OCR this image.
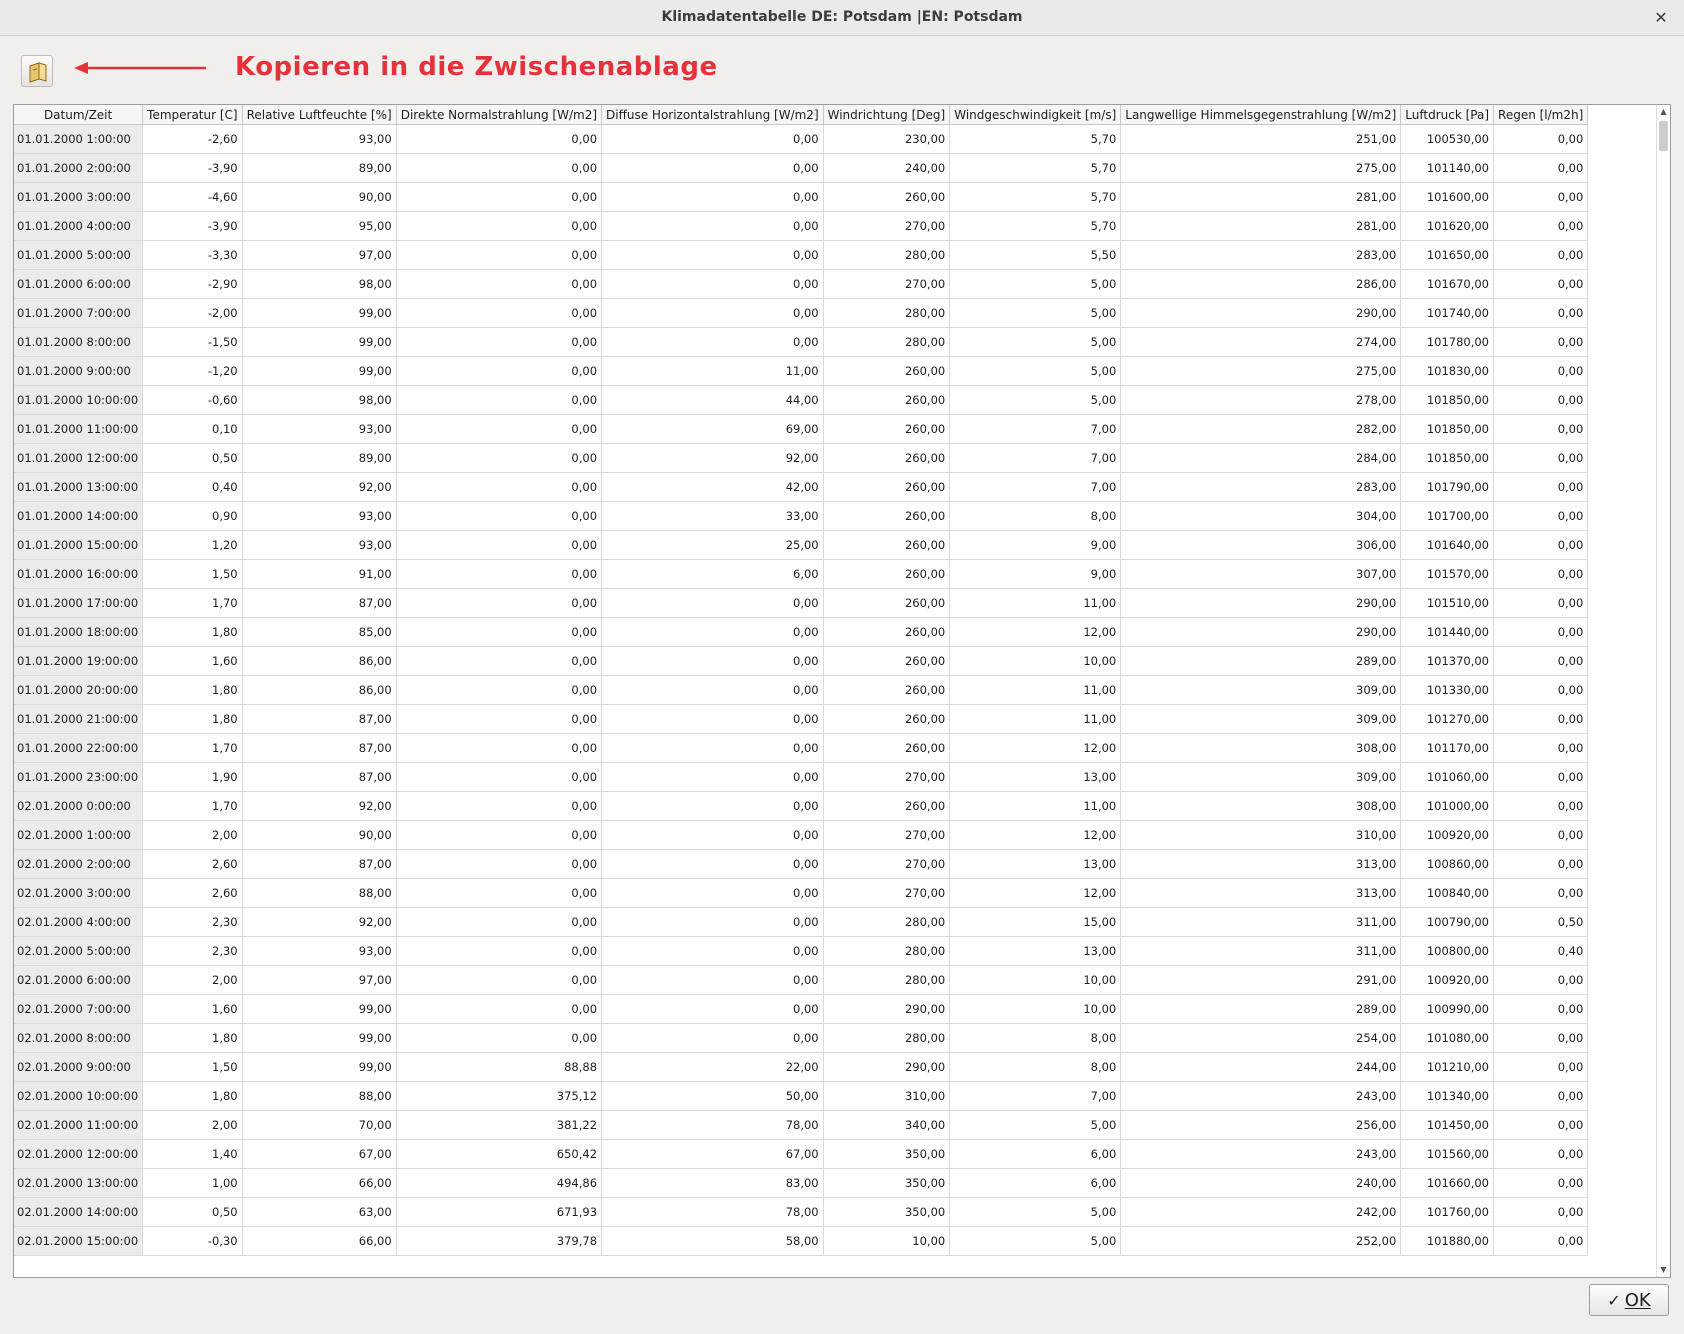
Klimadatentabelle DE: Potsdam |EN: Potsdam	✕
Kopieren in die Zwischenablage
Datum/Zeit	Temperatur [C]	Relative Luftfeuchte [%]	Direkte Normalstrahlung [W/m2]	Diffuse Horizontalstrahlung [W/m2]	Windrichtung [Deg]	Windgeschwindigkeit [m/s]	Langwellige Himmelsgegenstrahlung [W/m2]	Luftdruck [Pa]	Regen [l/m2h]
01.01.2000 1:00:00	-2,60	93,00	0,00	0,00	230,00	5,70	251,00	100530,00	0,00
01.01.2000 2:00:00	-3,90	89,00	0,00	0,00	240,00	5,70	275,00	101140,00	0,00
01.01.2000 3:00:00	-4,60	90,00	0,00	0,00	260,00	5,70	281,00	101600,00	0,00
01.01.2000 4:00:00	-3,90	95,00	0,00	0,00	270,00	5,70	281,00	101620,00	0,00
01.01.2000 5:00:00	-3,30	97,00	0,00	0,00	280,00	5,50	283,00	101650,00	0,00
01.01.2000 6:00:00	-2,90	98,00	0,00	0,00	270,00	5,00	286,00	101670,00	0,00
01.01.2000 7:00:00	-2,00	99,00	0,00	0,00	280,00	5,00	290,00	101740,00	0,00
01.01.2000 8:00:00	-1,50	99,00	0,00	0,00	280,00	5,00	274,00	101780,00	0,00
01.01.2000 9:00:00	-1,20	99,00	0,00	11,00	260,00	5,00	275,00	101830,00	0,00
01.01.2000 10:00:00	-0,60	98,00	0,00	44,00	260,00	5,00	278,00	101850,00	0,00
01.01.2000 11:00:00	0,10	93,00	0,00	69,00	260,00	7,00	282,00	101850,00	0,00
01.01.2000 12:00:00	0,50	89,00	0,00	92,00	260,00	7,00	284,00	101850,00	0,00
01.01.2000 13:00:00	0,40	92,00	0,00	42,00	260,00	7,00	283,00	101790,00	0,00
01.01.2000 14:00:00	0,90	93,00	0,00	33,00	260,00	8,00	304,00	101700,00	0,00
01.01.2000 15:00:00	1,20	93,00	0,00	25,00	260,00	9,00	306,00	101640,00	0,00
01.01.2000 16:00:00	1,50	91,00	0,00	6,00	260,00	9,00	307,00	101570,00	0,00
01.01.2000 17:00:00	1,70	87,00	0,00	0,00	260,00	11,00	290,00	101510,00	0,00
01.01.2000 18:00:00	1,80	85,00	0,00	0,00	260,00	12,00	290,00	101440,00	0,00
01.01.2000 19:00:00	1,60	86,00	0,00	0,00	260,00	10,00	289,00	101370,00	0,00
01.01.2000 20:00:00	1,80	86,00	0,00	0,00	260,00	11,00	309,00	101330,00	0,00
01.01.2000 21:00:00	1,80	87,00	0,00	0,00	260,00	11,00	309,00	101270,00	0,00
01.01.2000 22:00:00	1,70	87,00	0,00	0,00	260,00	12,00	308,00	101170,00	0,00
01.01.2000 23:00:00	1,90	87,00	0,00	0,00	270,00	13,00	309,00	101060,00	0,00
02.01.2000 0:00:00	1,70	92,00	0,00	0,00	260,00	11,00	308,00	101000,00	0,00
02.01.2000 1:00:00	2,00	90,00	0,00	0,00	270,00	12,00	310,00	100920,00	0,00
02.01.2000 2:00:00	2,60	87,00	0,00	0,00	270,00	13,00	313,00	100860,00	0,00
02.01.2000 3:00:00	2,60	88,00	0,00	0,00	270,00	12,00	313,00	100840,00	0,00
02.01.2000 4:00:00	2,30	92,00	0,00	0,00	280,00	15,00	311,00	100790,00	0,50
02.01.2000 5:00:00	2,30	93,00	0,00	0,00	280,00	13,00	311,00	100800,00	0,40
02.01.2000 6:00:00	2,00	97,00	0,00	0,00	280,00	10,00	291,00	100920,00	0,00
02.01.2000 7:00:00	1,60	99,00	0,00	0,00	290,00	10,00	289,00	100990,00	0,00
02.01.2000 8:00:00	1,80	99,00	0,00	0,00	280,00	8,00	254,00	101080,00	0,00
02.01.2000 9:00:00	1,50	99,00	88,88	22,00	290,00	8,00	244,00	101210,00	0,00
02.01.2000 10:00:00	1,80	88,00	375,12	50,00	310,00	7,00	243,00	101340,00	0,00
02.01.2000 11:00:00	2,00	70,00	381,22	78,00	340,00	5,00	256,00	101450,00	0,00
02.01.2000 12:00:00	1,40	67,00	650,42	67,00	350,00	6,00	243,00	101560,00	0,00
02.01.2000 13:00:00	1,00	66,00	494,86	83,00	350,00	6,00	240,00	101660,00	0,00
02.01.2000 14:00:00	0,50	63,00	671,93	78,00	350,00	5,00	242,00	101760,00	0,00
02.01.2000 15:00:00	-0,30	66,00	379,78	58,00	10,00	5,00	252,00	101880,00	0,00
▲
▼
✓ OK
